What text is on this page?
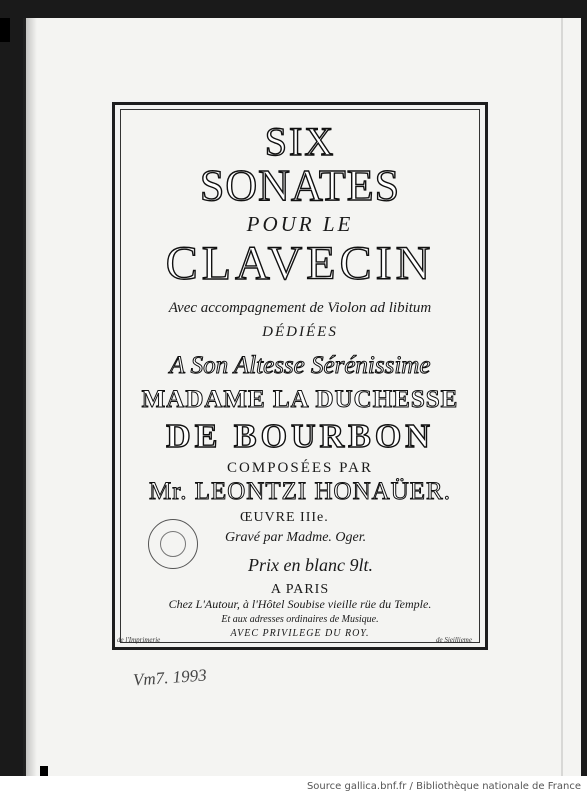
SIX
SONATES
POUR LE
CLAVECIN
Avec accompagnement de Violon ad libitum
DÉDIÉES
A Son Altesse Sérénissime
MADAME LA DUCHESSE
DE BOURBON
COMPOSÉES PAR
Mr. LEONTZI HONAÜER.
ŒUVRE IIIe.
Gravé par Madme. Oger.
Prix en blanc 9lt.
A PARIS
Chez L'Autour, à l'Hôtel Soubise vieille rüe du Temple.
Et aux adresses ordinaires de Musique.
AVEC PRIVILEGE DU ROY.
de l'Imprimerie	de Sieillieme
Vm7. 1993
Source gallica.bnf.fr / Bibliothèque nationale de France
